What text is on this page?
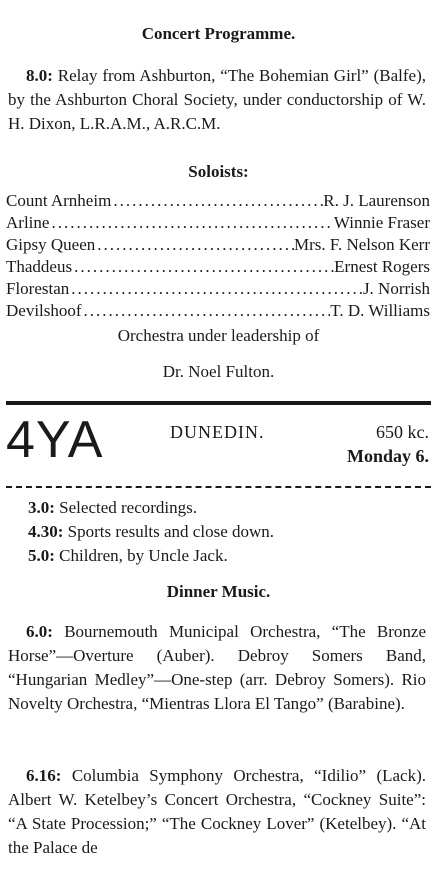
Concert Programme.
8.0: Relay from Ashburton, “The Bohemian Girl” (Balfe), by the Ashburton Choral Society, under conductorship of W. H. Dixon, L.R.A.M., A.R.C.M.
Soloists:
Count Arnheim .....	R. J. Laurenson
Arline .....	Winnie Fraser
Gipsy Queen .....	Mrs. F. Nelson Kerr
Thaddeus .....	Ernest Rogers
Florestan .....	J. Norrish
Devilshoof .....	T. D. Williams
Orchestra under leadership of
Dr. Noel Fulton.
4YA	DUNEDIN.	650 kc.
Monday 6.
3.0: Selected recordings.
4.30: Sports results and close down.
5.0: Children, by Uncle Jack.
Dinner Music.
6.0: Bournemouth Municipal Orchestra, “The Bronze Horse”—Overture (Auber). Debroy Somers Band, “Hungarian Medley”—One-step (arr. Debroy Somers). Rio Novelty Orchestra, “Mientras Llora El Tango” (Barabine).
6.16: Columbia Symphony Orchestra, “Idilio” (Lack). Albert W. Ketelbey’s Concert Orchestra, “Cockney Suite”: “A State Procession;” “The Cockney Lover” (Ketelbey). “At the Palace de
